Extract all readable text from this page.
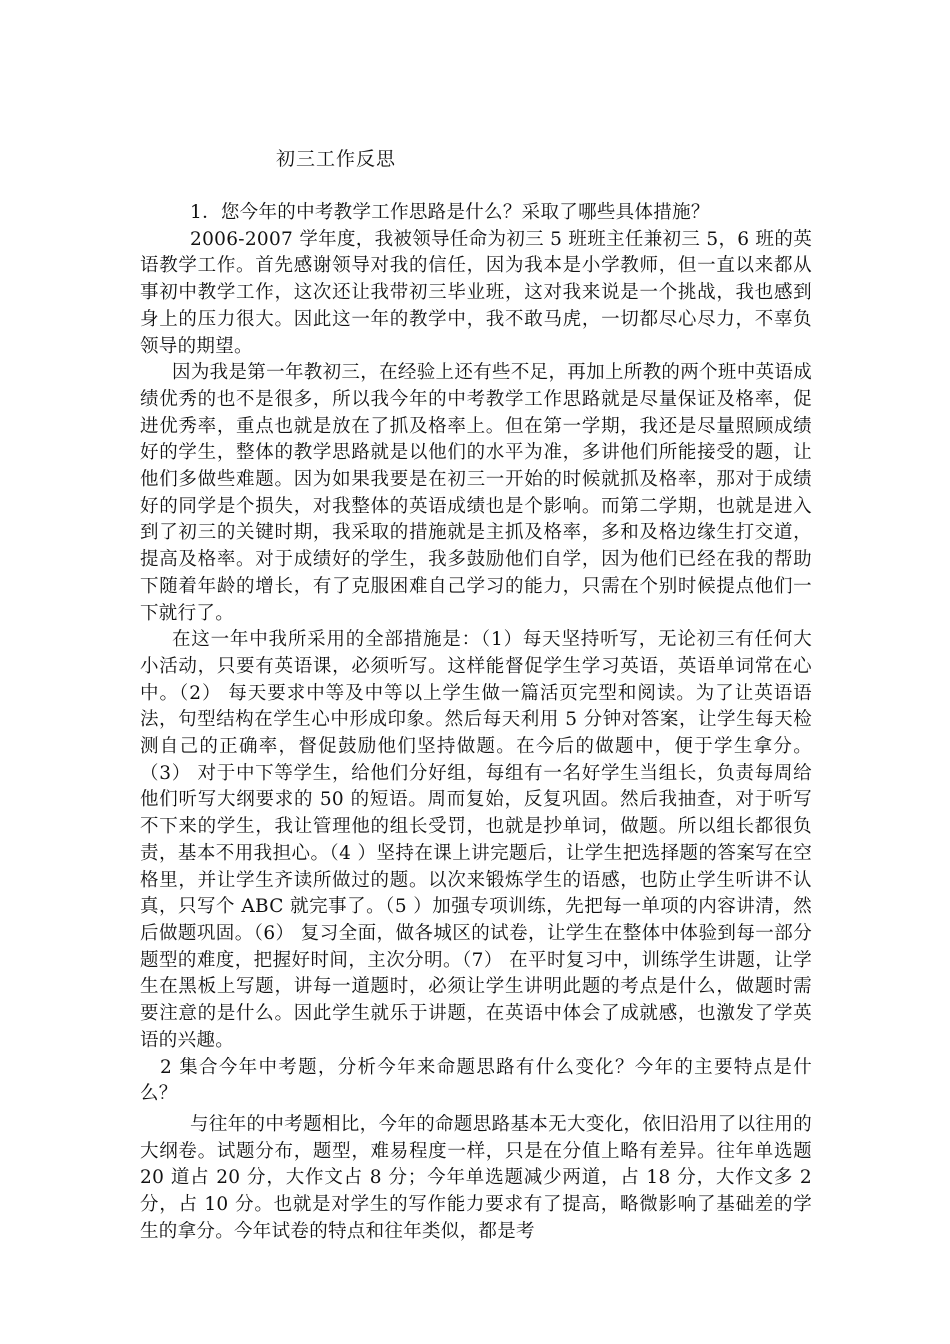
初三工作反思

1．您今年的中考教学工作思路是什么？采取了哪些具体措施？

2006-2007 学年度，我被领导任命为初三 5 班班主任兼初三 5，6 班的英语教学工作。首先感谢领导对我的信任，因为我本是小学教师，但一直以来都从事初中教学工作，这次还让我带初三毕业班，这对我来说是一个挑战，我也感到身上的压力很大。因此这一年的教学中，我不敢马虎，一切都尽心尽力，不辜负领导的期望。

因为我是第一年教初三，在经验上还有些不足，再加上所教的两个班中英语成绩优秀的也不是很多，所以我今年的中考教学工作思路就是尽量保证及格率，促进优秀率，重点也就是放在了抓及格率上。但在第一学期，我还是尽量照顾成绩好的学生，整体的教学思路就是以他们的水平为准，多讲他们所能接受的题，让他们多做些难题。因为如果我要是在初三一开始的时候就抓及格率，那对于成绩好的同学是个损失，对我整体的英语成绩也是个影响。而第二学期，也就是进入到了初三的关键时期，我采取的措施就是主抓及格率，多和及格边缘生打交道，提高及格率。对于成绩好的学生，我多鼓励他们自学，因为他们已经在我的帮助下随着年龄的增长，有了克服困难自己学习的能力，只需在个别时候提点他们一下就行了。

在这一年中我所采用的全部措施是：（1）每天坚持听写，无论初三有任何大小活动，只要有英语课，必须听写。这样能督促学生学习英语，英语单词常在心中。（2） 每天要求中等及中等以上学生做一篇活页完型和阅读。为了让英语语法，句型结构在学生心中形成印象。然后每天利用 5 分钟对答案，让学生每天检测自己的正确率，督促鼓励他们坚持做题。在今后的做题中，便于学生拿分。（3） 对于中下等学生，给他们分好组，每组有一名好学生当组长，负责每周给他们听写大纲要求的 50 的短语。周而复始，反复巩固。然后我抽查，对于听写不下来的学生，我让管理他的组长受罚，也就是抄单词，做题。所以组长都很负责，基本不用我担心。（4 ）坚持在课上讲完题后，让学生把选择题的答案写在空格里，并让学生齐读所做过的题。以次来锻炼学生的语感，也防止学生听讲不认真，只写个 ABC 就完事了。（5 ）加强专项训练，先把每一单项的内容讲清，然后做题巩固。（6） 复习全面，做各城区的试卷，让学生在整体中体验到每一部分题型的难度，把握好时间，主次分明。（7） 在平时复习中，训练学生讲题，让学生在黑板上写题，讲每一道题时，必须让学生讲明此题的考点是什么，做题时需要注意的是什么。因此学生就乐于讲题，在英语中体会了成就感，也激发了学英语的兴趣。

2 集合今年中考题，分析今年来命题思路有什么变化？今年的主要特点是什么？

与往年的中考题相比，今年的命题思路基本无大变化，依旧沿用了以往用的大纲卷。试题分布，题型，难易程度一样，只是在分值上略有差异。往年单选题 20 道占 20 分，大作文占 8 分；今年单选题减少两道，占 18 分，大作文多 2 分，占 10 分。也就是对学生的写作能力要求有了提高，略微影响了基础差的学生的拿分。今年试卷的特点和往年类似，都是考
